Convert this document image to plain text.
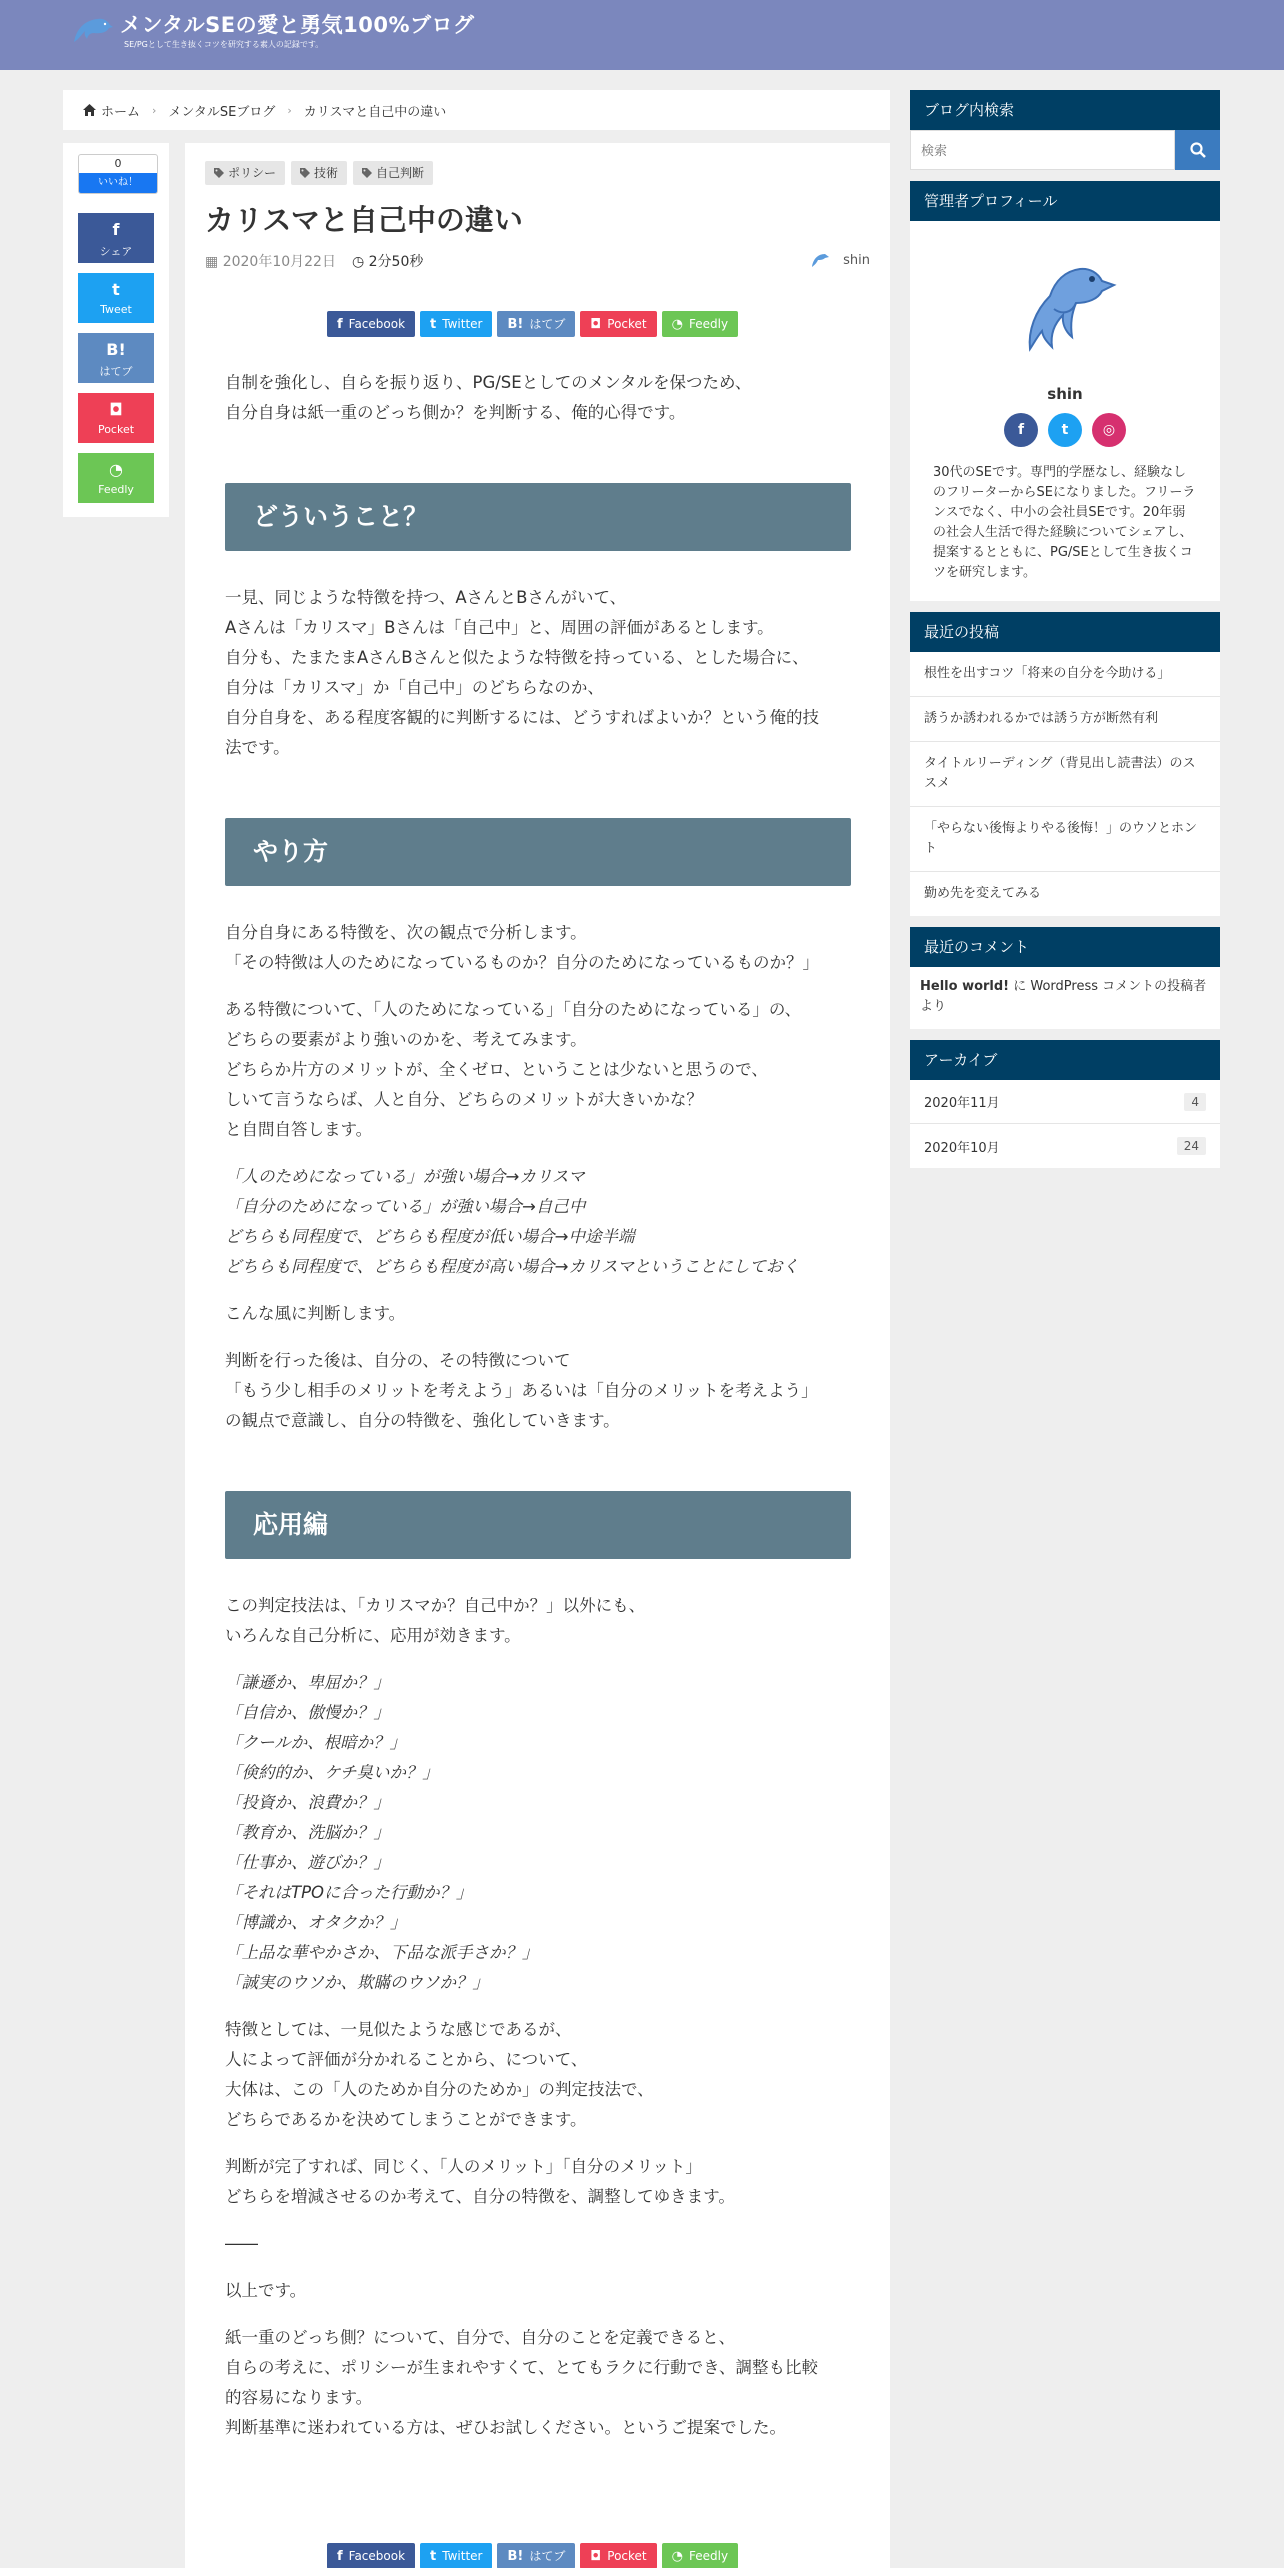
メンタルSEの愛と勇気100%ブログ
SE/PGとして生き抜くコツを研究する素人の記録です。
ホーム › メンタルSEブログ › カリスマと自己中の違い
0
いいね！
f
シェア
t
Tweet
B!
はてブ
◘
Pocket
◔
Feedly
ポリシー	技術	自己判断
カリスマと自己中の違い
▦ 2020年10月22日 ◷ 2分50秒	shin
f Facebook	t Twitter	B! はてブ	◘ Pocket	◔ Feedly

自制を強化し、自らを振り返り、PG/SEとしてのメンタルを保つため、
自分自身は紙一重のどっち側か？を判断する、俺的心得です。

どういうこと？

一見、同じような特徴を持つ、AさんとBさんがいて、
Aさんは「カリスマ」Bさんは「自己中」と、周囲の評価があるとします。
自分も、たまたまAさんBさんと似たような特徴を持っている、とした場合に、
自分は「カリスマ」か「自己中」のどちらなのか、
自分自身を、ある程度客観的に判断するには、どうすればよいか？という俺的技
法です。

やり方

自分自身にある特徴を、次の観点で分析します。
「その特徴は人のためになっているものか？自分のためになっているものか？」

ある特徴について、「人のためになっている」「自分のためになっている」の、
どちらの要素がより強いのかを、考えてみます。
どちらか片方のメリットが、全くゼロ、ということは少ないと思うので、
しいて言うならば、人と自分、どちらのメリットが大きいかな？
と自問自答します。

「人のためになっている」が強い場合→カリスマ
「自分のためになっている」が強い場合→自己中
どちらも同程度で、どちらも程度が低い場合→中途半端
どちらも同程度で、どちらも程度が高い場合→カリスマということにしておく

こんな風に判断します。

判断を行った後は、自分の、その特徴について
「もう少し相手のメリットを考えよう」あるいは「自分のメリットを考えよう」
の観点で意識し、自分の特徴を、強化していきます。

応用編

この判定技法は、「カリスマか？自己中か？」以外にも、
いろんな自己分析に、応用が効きます。

「謙遜か、卑屈か？」
「自信か、傲慢か？」
「クールか、根暗か？」
「倹約的か、ケチ臭いか？」
「投資か、浪費か？」
「教育か、洗脳か？」
「仕事か、遊びか？」
「それはTPOに合った行動か？」
「博識か、オタクか？」
「上品な華やかさか、下品な派手さか？」
「誠実のウソか、欺瞞のウソか？」

特徴としては、一見似たような感じであるが、
人によって評価が分かれることから、について、
大体は、この「人のためか自分のためか」の判定技法で、
どちらであるかを決めてしまうことができます。

判断が完了すれば、同じく、「人のメリット」「自分のメリット」
どちらを増減させるのか考えて、自分の特徴を、調整してゆきます。

――

以上です。

紙一重のどっち側？について、自分で、自分のことを定義できると、
自らの考えに、ポリシーが生まれやすくて、とてもラクに行動でき、調整も比較
的容易になります。
判断基準に迷われている方は、ぜひお試しください。というご提案でした。

f Facebook	t Twitter	B! はてブ	◘ Pocket	◔ Feedly
ブログ内検索
検索
管理者プロフィール
shin
f	t	◎
30代のSEです。専門的学歴なし、経験なしのフリーターからSEになりました。フリーランスでなく、中小の会社員SEです。20年弱の社会人生活で得た経験についてシェアし、提案するとともに、PG/SEとして生き抜くコツを研究します。
最近の投稿
根性を出すコツ「将来の自分を今助ける」
誘うか誘われるかでは誘う方が断然有利
タイトルリーディング（背見出し読書法）のススメ
「やらない後悔よりやる後悔！」のウソとホント
勤め先を変えてみる
最近のコメント
Hello world! に WordPress コメントの投稿者 より
アーカイブ
2020年11月	4
2020年10月	24
